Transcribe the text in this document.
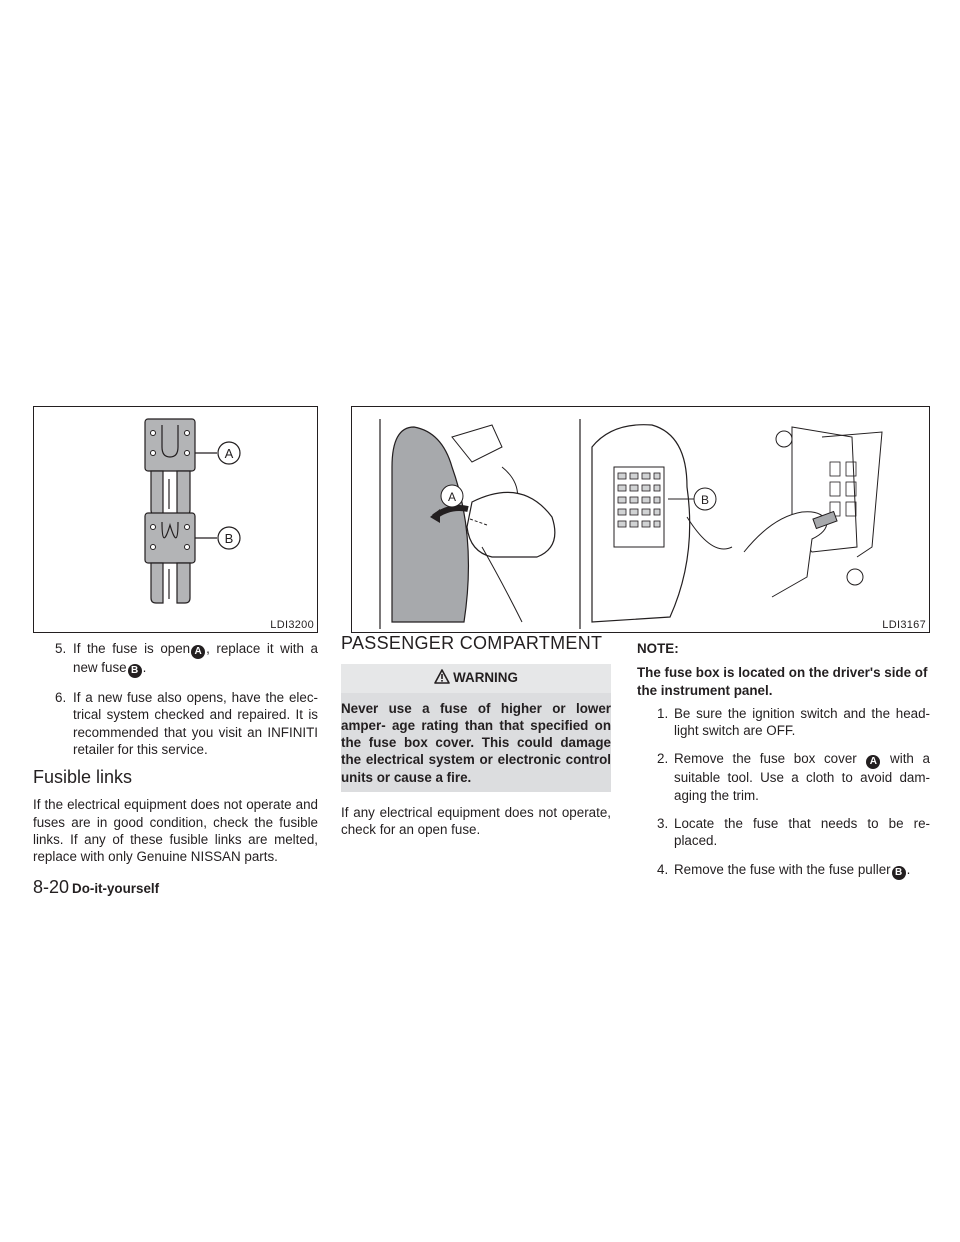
A
B
LDI3200
A	B
LDI3167
5. If the fuse is open A , replace it with a new fuse B .
6. If a new fuse also opens, have the elec- trical system checked and repaired. It is recommended that you visit an INFINITI retailer for this service.
Fusible links

If the electrical equipment does not operate and fuses are in good condition, check the fusible links. If any of these fusible links are melted, replace with only Genuine NISSAN parts.

PASSENGER COMPARTMENT
WARNING
Never use a fuse of higher or lower amper- age rating than that specified on the fuse box cover. This could damage the electrical system or electronic control units or cause a fire.

If any electrical equipment does not operate, check for an open fuse.

NOTE:
The fuse box is located on the driver's side of the instrument panel.
1. Be sure the ignition switch and the head- light switch are OFF.
2. Remove the fuse box cover A with a suitable tool. Use a cloth to avoid dam- aging the trim.
3. Locate the fuse that needs to be re- placed.
4. Remove the fuse with the fuse puller B .
8-20 Do-it-yourself
